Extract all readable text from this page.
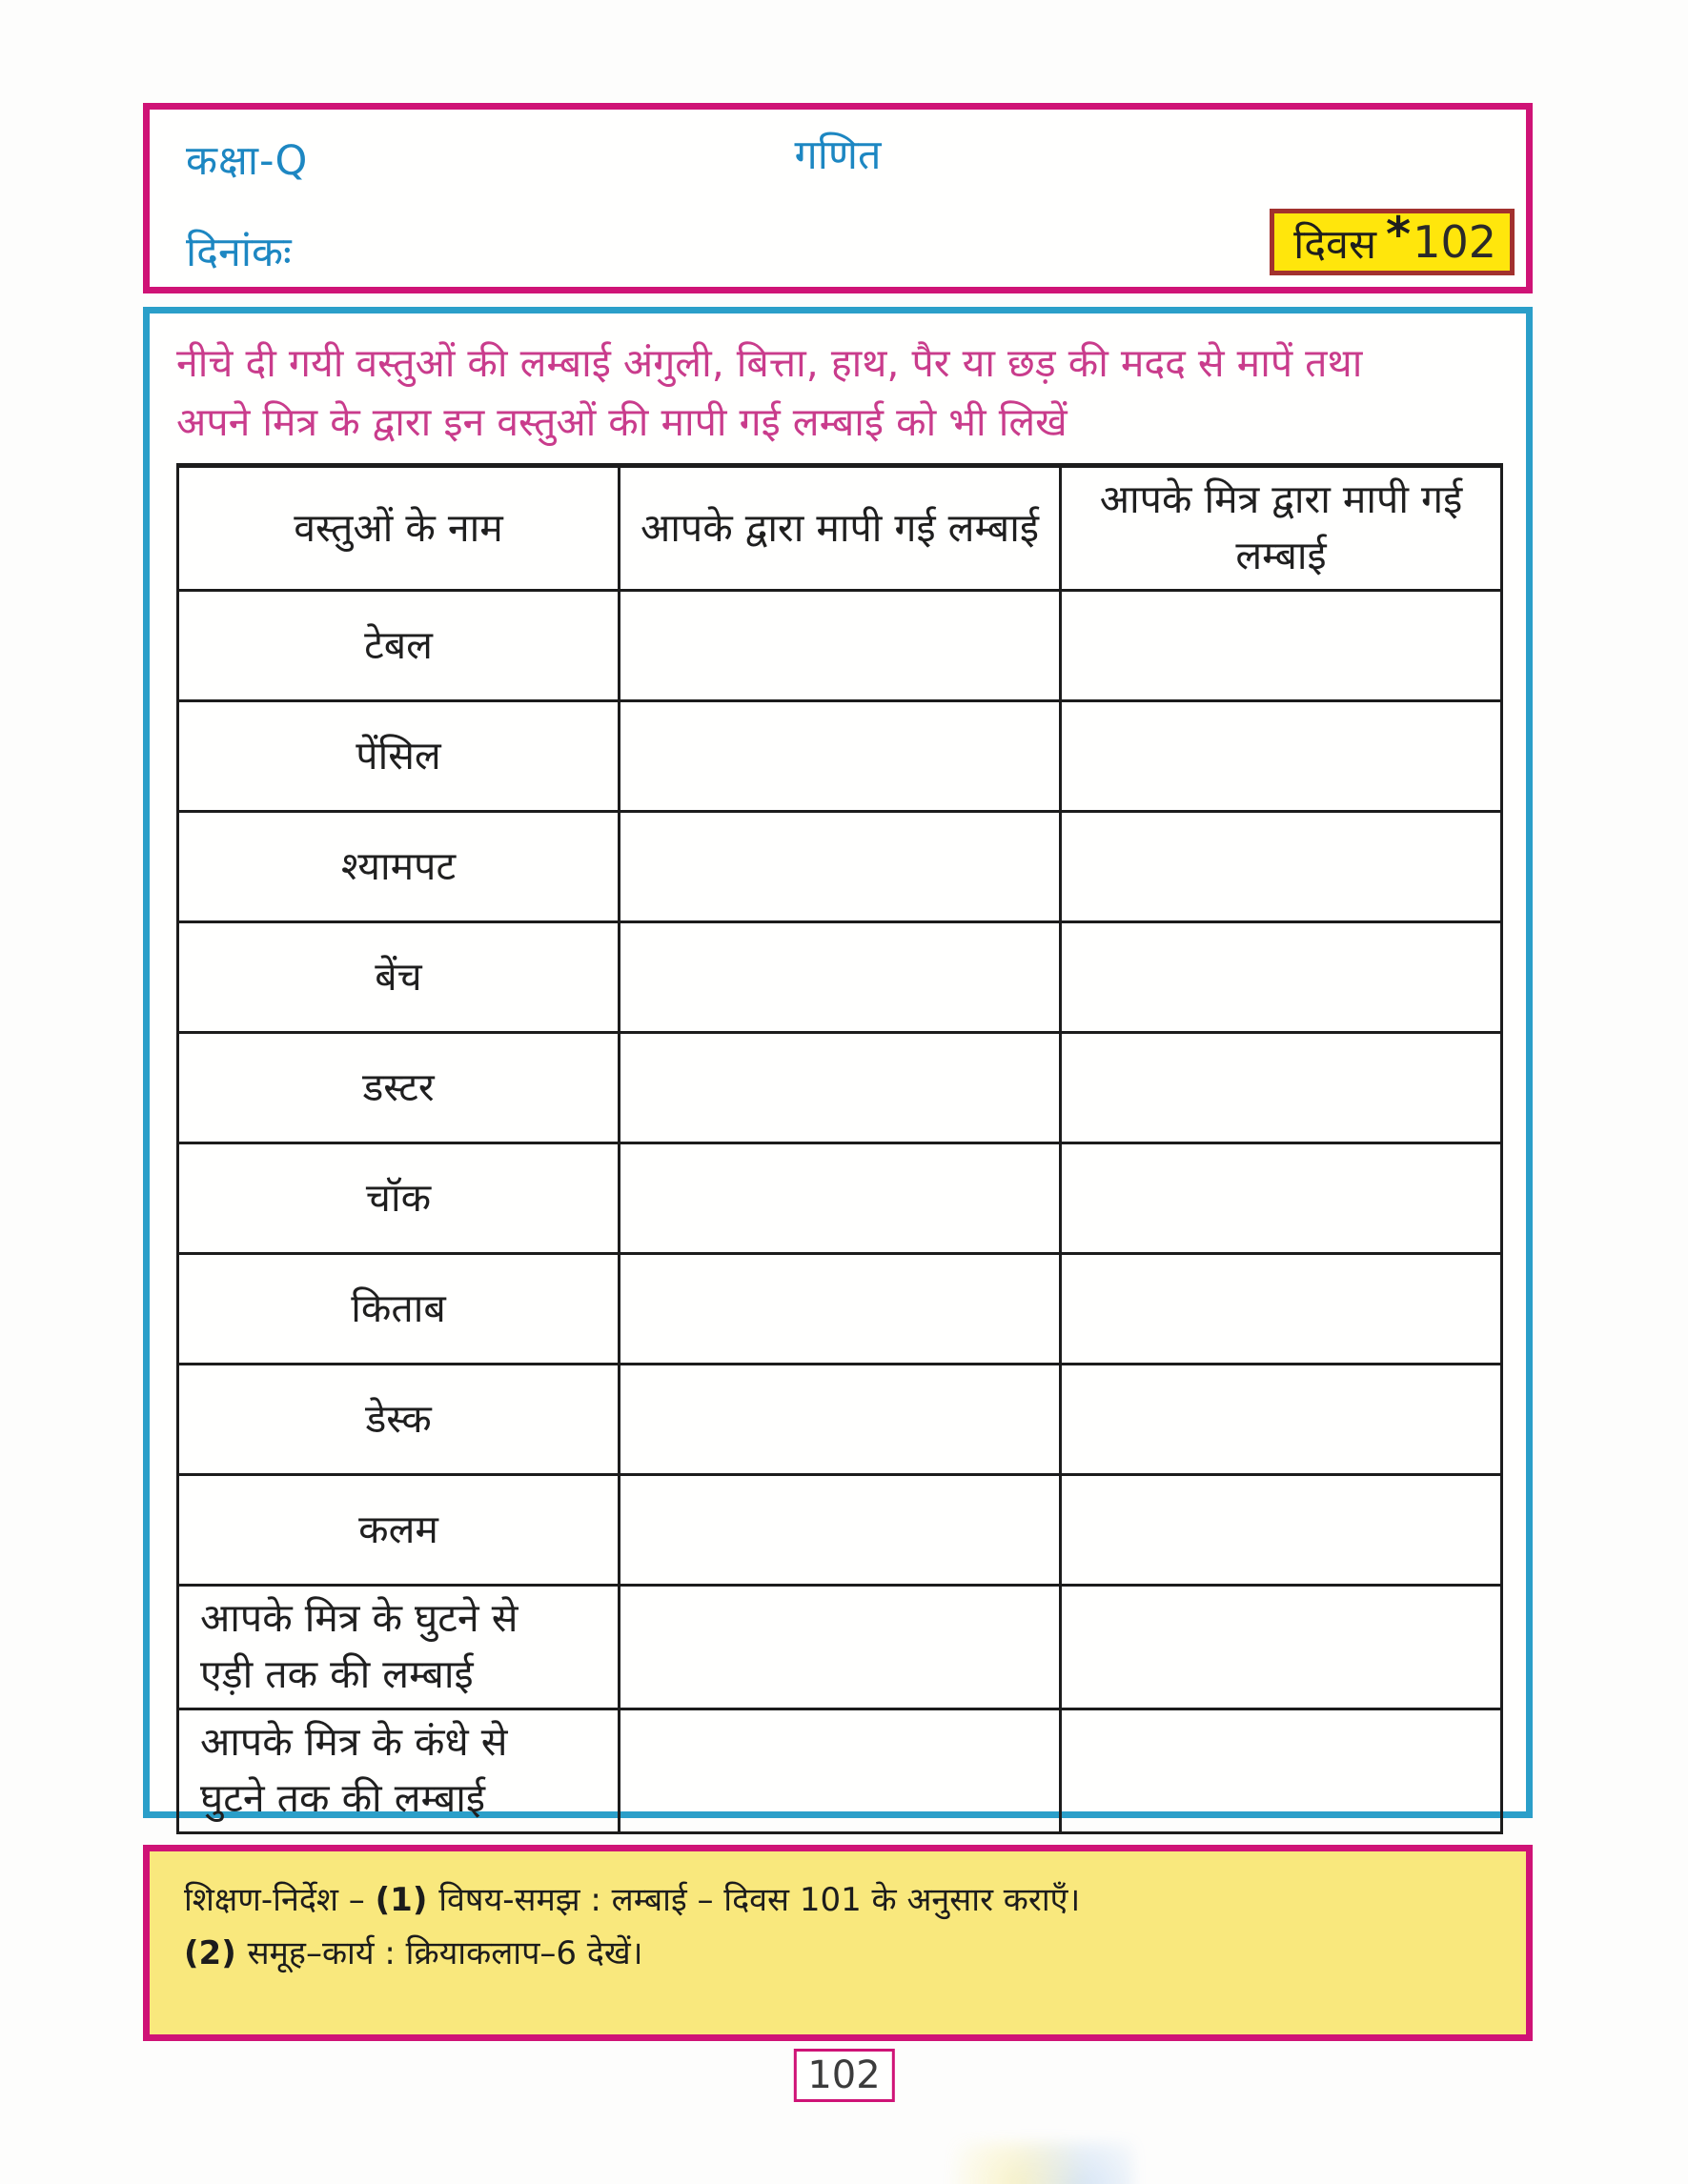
कक्षा-Q	गणित
दिनांकः	दिवस * 102
नीचे दी गयी वस्तुओं की लम्बाई अंगुली, बित्ता, हाथ, पैर या छड़ की मदद से मापें तथा
अपने मित्र के द्वारा इन वस्तुओं की मापी गई लम्बाई को भी लिखें
वस्तुओं के नाम	आपके द्वारा मापी गई लम्बाई	आपके मित्र द्वारा मापी गई लम्बाई
टेबल		
पेंसिल		
श्यामपट		
बेंच		
डस्टर		
चॉक		
किताब		
डेस्क		
कलम		

आपके मित्र के घुटने से
एड़ी तक की लम्बाई		

आपके मित्र के कंधे से
घुटने तक की लम्बाई		

शिक्षण-निर्देश – (1) विषय-समझ : लम्बाई – दिवस 101 के अनुसार कराएँ।
(2) समूह–कार्य : क्रियाकलाप–6 देखें।
102
